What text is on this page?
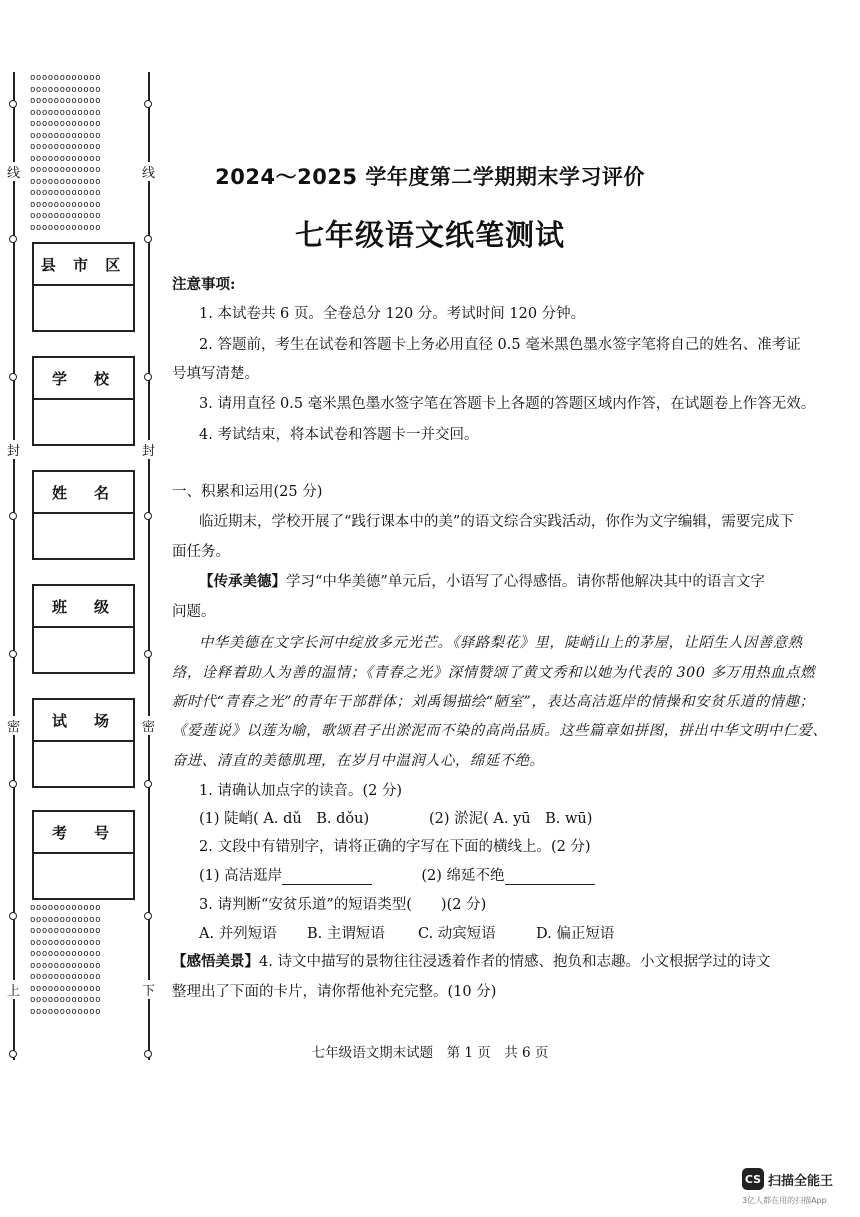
oooooooooooo
oooooooooooo
oooooooooooo
oooooooooooo
oooooooooooo
oooooooooooo
oooooooooooo
oooooooooooo
oooooooooooo
oooooooooooo
oooooooooooo
oooooooooooo
oooooooooooo
oooooooooooo
oooooooooooo
oooooooooooo
oooooooooooo
oooooooooooo
oooooooooooo
oooooooooooo
oooooooooooo
oooooooooooo
oooooooooooo
oooooooooooo
线	线
封	封
密	密
上	下
县 市 区
学　校
姓　名
班　级
试　场
考　号
2024～2025 学年度第二学期期末学习评价
七年级语文纸笔测试
注意事项:
1. 本试卷共 6 页。全卷总分 120 分。考试时间 120 分钟。
2. 答题前，考生在试卷和答题卡上务必用直径 0.5 毫米黑色墨水签字笔将自己的姓名、准考证
号填写清楚。
3. 请用直径 0.5 毫米黑色墨水签字笔在答题卡上各题的答题区域内作答，在试题卷上作答无效。
4. 考试结束，将本试卷和答题卡一并交回。
一、积累和运用(25 分)
临近期末，学校开展了“践行课本中的美”的语文综合实践活动，你作为文字编辑，需要完成下
面任务。
【传承美德】学习“中华美德”单元后，小语写了心得感悟。请你帮他解决其中的语言文字
问题。
中华美德在文字长河中绽放多元光芒。《驿路梨花》里，陡峭山上的茅屋，让陌生人因善意熟
络，诠释着助人为善的温情；《青春之光》深情赞颂了黄文秀和以她为代表的 300 多万用热血点燃
新时代“青春之光”的青年干部群体；刘禹锡描绘“陋室”，表达高洁逛岸的情操和安贫乐道的情趣；
《爱莲说》以莲为喻，歌颂君子出淤泥而不染的高尚品质。这些篇章如拼图，拼出中华文明中仁爱、
奋进、清直的美德肌理，在岁月中温润人心，绵延不绝。
1. 请确认加点字的读音。(2 分)
(1) 陡峭( A. dǔ　B. dǒu)	(2) 淤泥( A. yū　B. wū)
2. 文段中有错别字，请将正确的字写在下面的横线上。(2 分)
(1) 高洁逛岸	(2) 绵延不绝
3. 请判断“安贫乐道”的短语类型(　　)(2 分)
A. 并列短语	B. 主谓短语	C. 动宾短语	D. 偏正短语
【感悟美景】4. 诗文中描写的景物往往浸透着作者的情感、抱负和志趣。小文根据学过的诗文
整理出了下面的卡片，请你帮他补充完整。(10 分)
七年级语文期末试题　第 1 页　共 6 页
CS 扫描全能王
3亿人都在用的扫描App
